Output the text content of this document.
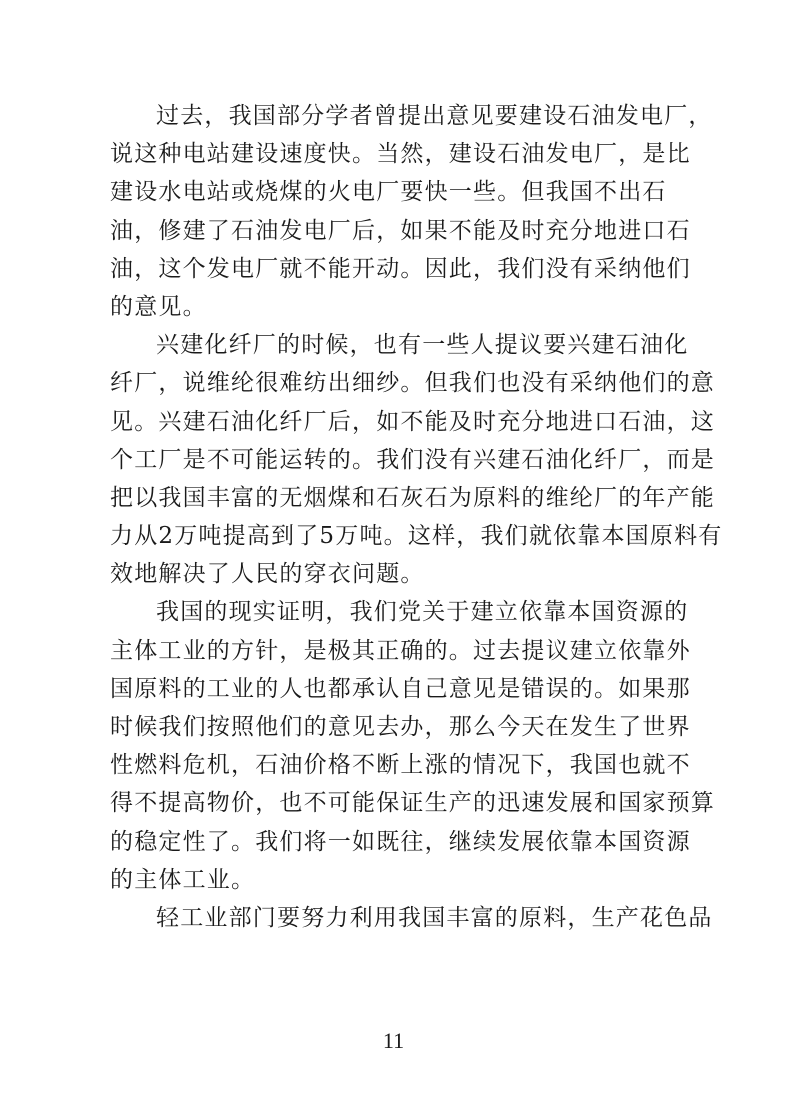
过去，我国部分学者曾提出意见要建设石油发电厂，
说这种电站建设速度快。当然，建设石油发电厂，是比
建设水电站或烧煤的火电厂要快一些。但我国不出石
油，修建了石油发电厂后，如果不能及时充分地进口石
油，这个发电厂就不能开动。因此，我们没有采纳他们
的意见。
兴建化纤厂的时候，也有一些人提议要兴建石油化
纤厂，说维纶很难纺出细纱。但我们也没有采纳他们的意
见。兴建石油化纤厂后，如不能及时充分地进口石油，这
个工厂是不可能运转的。我们没有兴建石油化纤厂，而是
把以我国丰富的无烟煤和石灰石为原料的维纶厂的年产能
力从2万吨提高到了5万吨。这样，我们就依靠本国原料有
效地解决了人民的穿衣问题。
我国的现实证明，我们党关于建立依靠本国资源的
主体工业的方针，是极其正确的。过去提议建立依靠外
国原料的工业的人也都承认自己意见是错误的。如果那
时候我们按照他们的意见去办，那么今天在发生了世界
性燃料危机，石油价格不断上涨的情况下，我国也就不
得不提高物价，也不可能保证生产的迅速发展和国家预算
的稳定性了。我们将一如既往，继续发展依靠本国资源
的主体工业。
轻工业部门要努力利用我国丰富的原料，生产花色品
11
